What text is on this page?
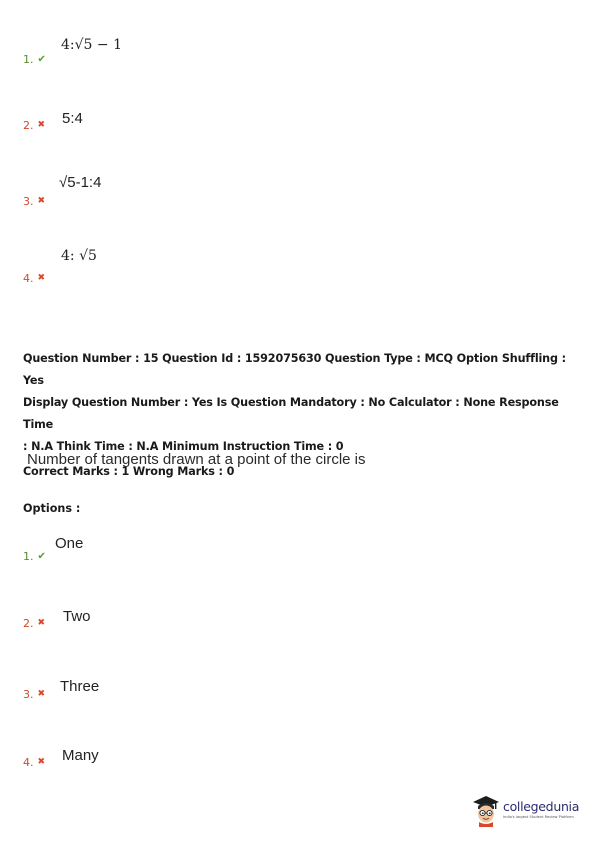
1. ✔
4:√5 − 1
2. ✖ 5:4
3. ✖
√5-1:4
4. ✖
4: √5
Question Number : 15 Question Id : 1592075630 Question Type : MCQ Option Shuffling : Yes
Display Question Number : Yes Is Question Mandatory : No Calculator : None Response Time
: N.A Think Time : N.A Minimum Instruction Time : 0
Correct Marks : 1 Wrong Marks : 0
Number of tangents drawn at a point of the circle is
Options :
1. ✔
One
2. ✖ Two
3. ✖ Three
4. ✖ Many
collegedunia
India's largest Student Review Platform
